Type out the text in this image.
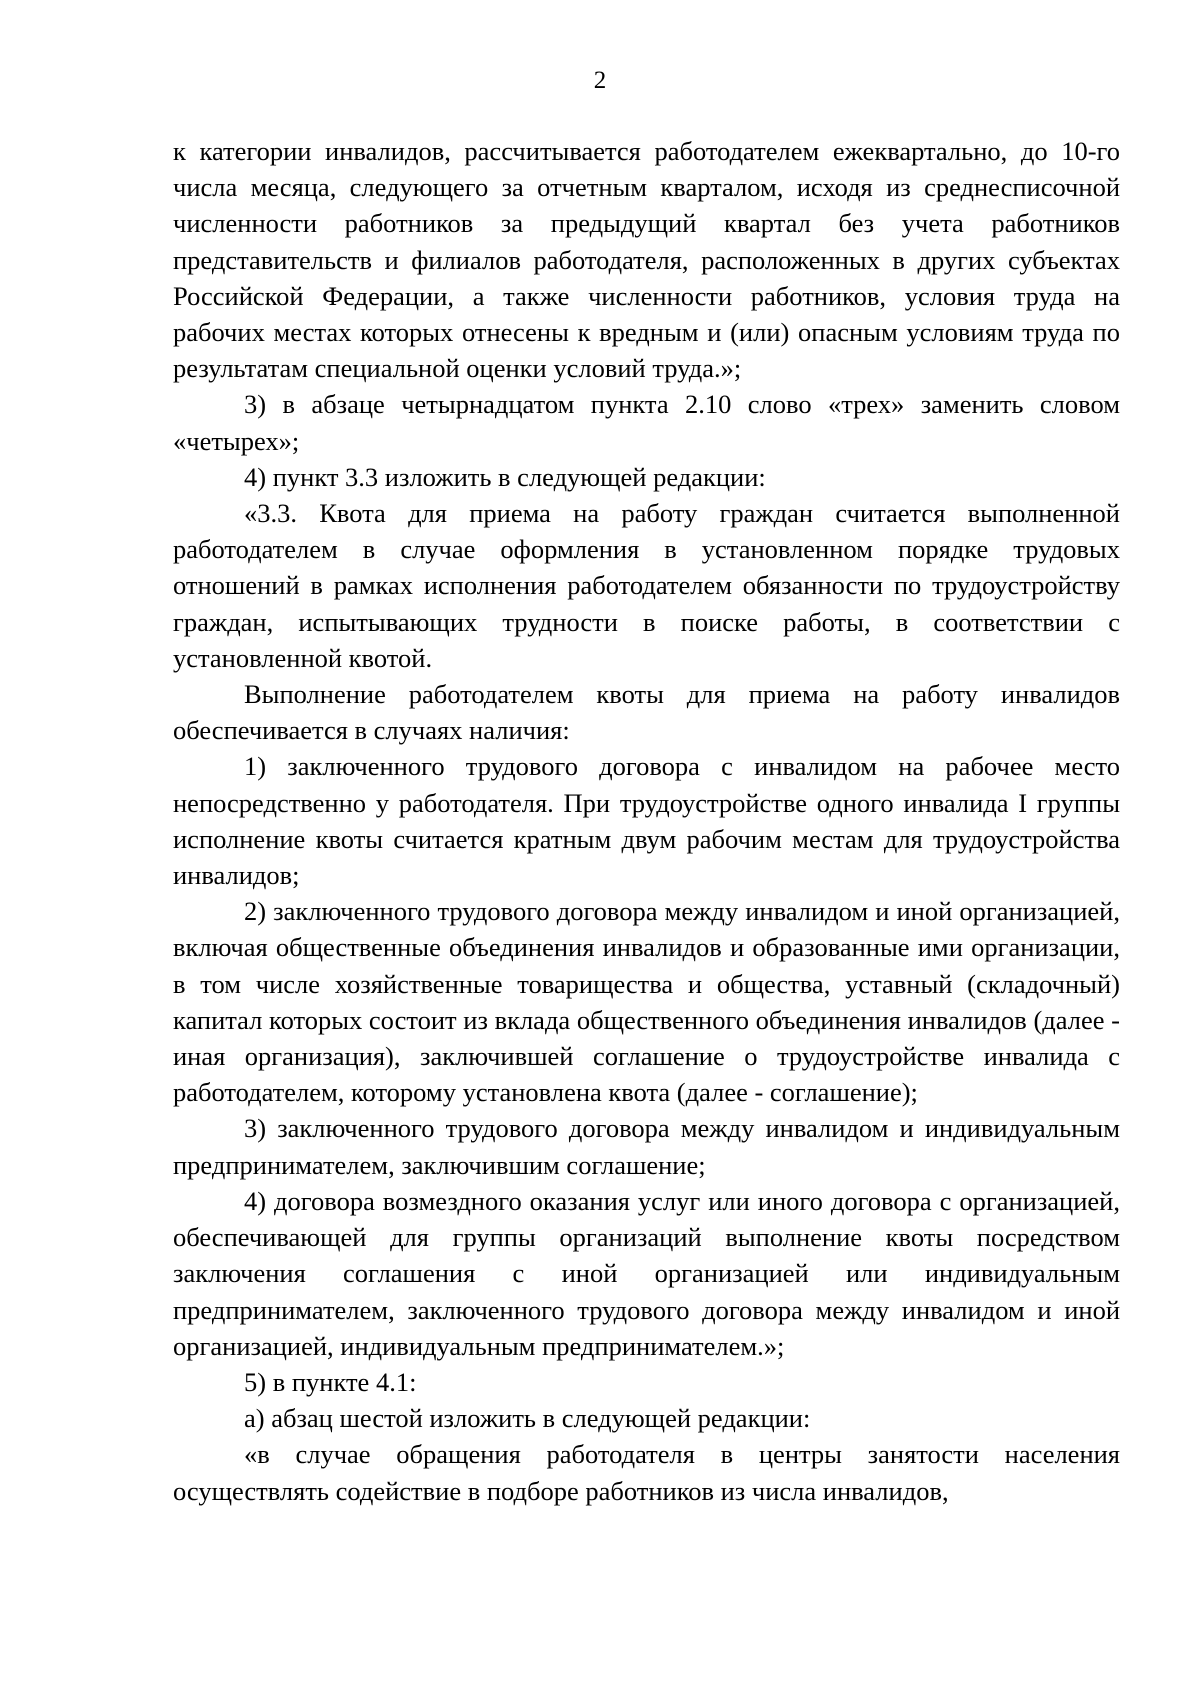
2

к категории инвалидов, рассчитывается работодателем ежеквартально, до 10-го числа месяца, следующего за отчетным кварталом, исходя из среднесписочной численности работников за предыдущий квартал без учета работников представительств и филиалов работодателя, расположенных в других субъектах Российской Федерации, а также численности работников, условия труда на рабочих местах которых отнесены к вредным и (или) опасным условиям труда по результатам специальной оценки условий труда.»;

3) в абзаце четырнадцатом пункта 2.10 слово «трех» заменить словом «четырех»;

4) пункт 3.3 изложить в следующей редакции:

«3.3. Квота для приема на работу граждан считается выполненной работодателем в случае оформления в установленном порядке трудовых отношений в рамках исполнения работодателем обязанности по трудоустройству граждан, испытывающих трудности в поиске работы, в соответствии с установленной квотой.

Выполнение работодателем квоты для приема на работу инвалидов обеспечивается в случаях наличия:

1) заключенного трудового договора с инвалидом на рабочее место непосредственно у работодателя. При трудоустройстве одного инвалида I группы исполнение квоты считается кратным двум рабочим местам для трудоустройства инвалидов;

2) заключенного трудового договора между инвалидом и иной организацией, включая общественные объединения инвалидов и образованные ими организации, в том числе хозяйственные товарищества и общества, уставный (складочный) капитал которых состоит из вклада общественного объединения инвалидов (далее - иная организация), заключившей соглашение о трудоустройстве инвалида с работодателем, которому установлена квота (далее - соглашение);

3) заключенного трудового договора между инвалидом и индивидуальным предпринимателем, заключившим соглашение;

4) договора возмездного оказания услуг или иного договора с организацией, обеспечивающей для группы организаций выполнение квоты посредством заключения соглашения с иной организацией или индивидуальным предпринимателем, заключенного трудового договора между инвалидом и иной организацией, индивидуальным предпринимателем.»;

5) в пункте 4.1:

а) абзац шестой изложить в следующей редакции:

«в случае обращения работодателя в центры занятости населения осуществлять содействие в подборе работников из числа инвалидов,
